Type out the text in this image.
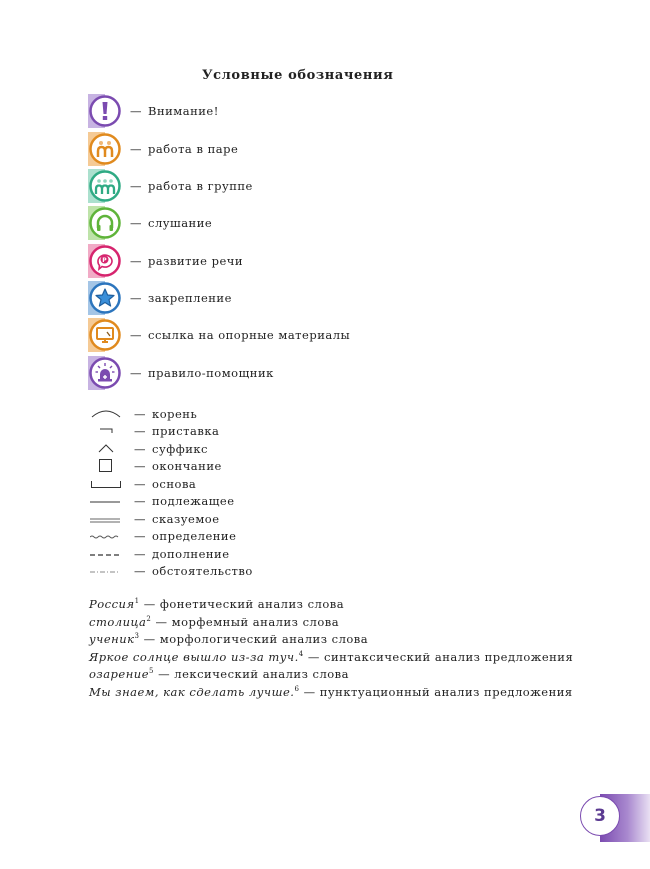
Условные обозначения
— Внимание!
— работа в паре
— работа в группе
— слушание
P — развитие речи
— закрепление
— ссылка на опорные материалы
— правило-помощник
— корень
— приставка
— суффикс
— окончание
— основа
— подлежащее
— сказуемое
— определение
— дополнение
— обстоятельство
Россия$^1$ — фонетический анализ слова
столица$^2$ — морфемный анализ слова
ученик$^3$ — морфологический анализ слова
Яркое солнце вышло из-за туч.$^4$ — синтаксический анализ предложения
озарение$^5$ — лексический анализ слова
Мы знаем, как сделать лучше.$^6$ — пунктуационный анализ предложения
3
